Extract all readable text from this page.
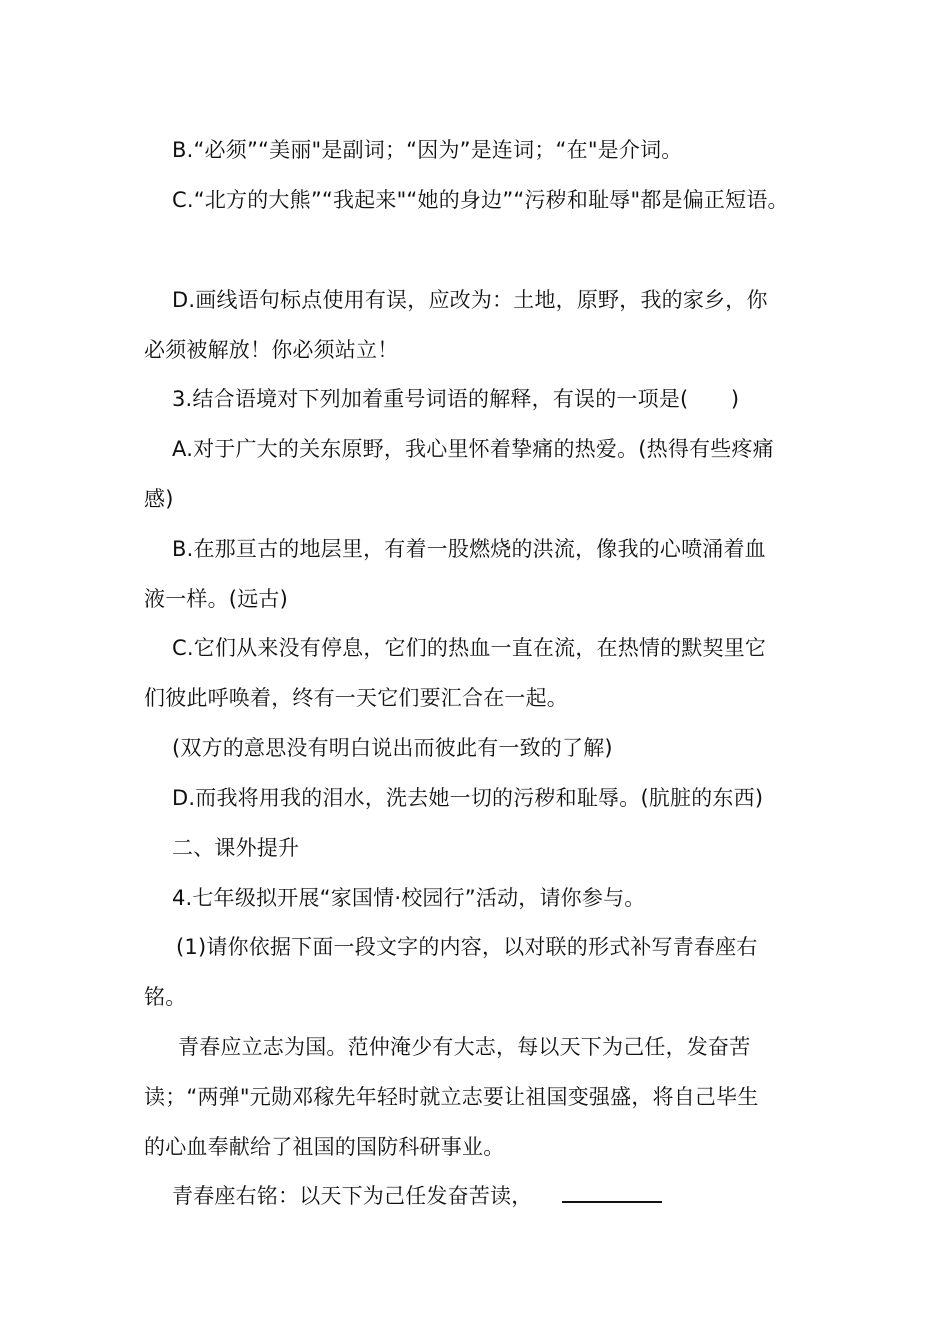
B.“必须”“美丽"是副词；“因为”是连词；“在"是介词。
C.“北方的大熊”“我起来"“她的身边”“污秽和耻辱"都是偏正短语。
D.画线语句标点使用有误，应改为：土地，原野，我的家乡，你
必须被解放！你必须站立！
3.结合语境对下列加着重号词语的解释，有误的一项是(　　)
A.对于广大的关东原野，我心里怀着挚痛的热爱。(热得有些疼痛
感)
B.在那亘古的地层里，有着一股燃烧的洪流，像我的心喷涌着血
液一样。(远古)
C.它们从来没有停息，它们的热血一直在流，在热情的默契里它
们彼此呼唤着，终有一天它们要汇合在一起。
(双方的意思没有明白说出而彼此有一致的了解)
D.而我将用我的泪水，洗去她一切的污秽和耻辱。(肮脏的东西)
二、课外提升
4.七年级拟开展“家国情·校园行”活动，请你参与。
(1)请你依据下面一段文字的内容，以对联的形式补写青春座右
铭。
青春应立志为国。范仲淹少有大志，每以天下为己任，发奋苦
读；“两弹"元勋邓稼先年轻时就立志要让祖国变强盛，将自己毕生
的心血奉献给了祖国的国防科研事业。
青春座右铭：以天下为己任发奋苦读，
